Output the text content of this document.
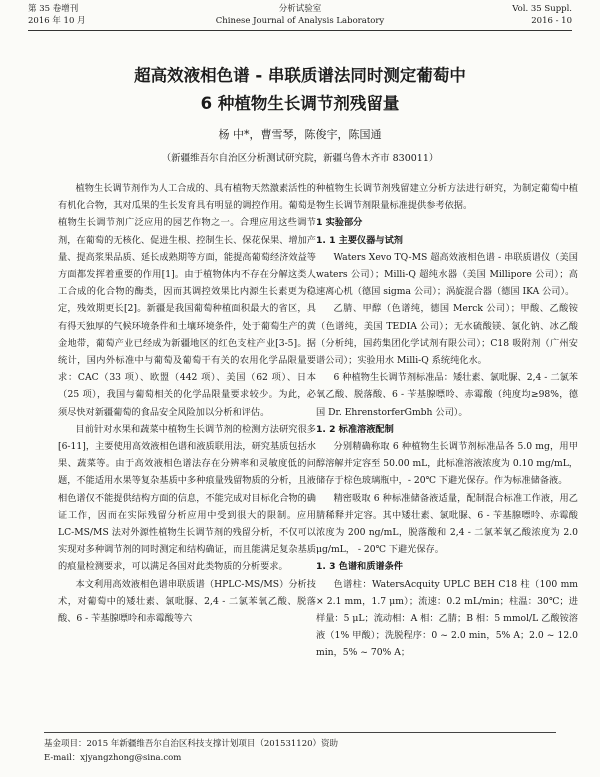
第 35 卷增刊
2016 年 10 月
分析试验室
Chinese Journal of Analysis Laboratory
Vol. 35 Suppl.
2016 - 10
超高效液相色谱 - 串联质谱法同时测定葡萄中
6 种植物生长调节剂残留量
杨 中*，曹雪琴，陈俊宇，陈国通
（新疆维吾尔自治区分析测试研究院，新疆乌鲁木齐市 830011）

植物生长调节剂作为人工合成的、具有植物天然激素活性的有机化合物，其对瓜果的生长发育具有明显的调控作用。葡萄是植物生长调节剂广泛应用的园艺作物之一。合理应用这些调节剂，在葡萄的无核化、促进生根、控制生长、保花保果、增加产量、提高浆果品质、延长成熟期等方面，能提高葡萄经济效益等方面都发挥着重要的作用[1]。由于植物体内不存在分解这类人工合成的化合物的酶类，因而其调控效果比内源生长素更为稳定，残效期更长[2]。新疆是我国葡萄种植面积最大的省区，具有得天独厚的气候环境条件和土壤环境条件，处于葡萄生产的黄金地带，葡萄产业已经成为新疆地区的红色支柱产业[3-5]。据统计，国内外标准中与葡萄及葡萄干有关的农用化学品限量要求：CAC（33 项）、欧盟（442 项）、美国（62 项）、日本（25 项），我国与葡萄相关的化学品限量要求较少。为此，必须尽快对新疆葡萄的食品安全风险加以分析和评估。

目前针对水果和蔬菜中植物生长调节剂的检测方法研究很多[6-11]，主要使用高效液相色谱和液质联用法，研究基质包括水果、蔬菜等。由于高效液相色谱法存在分辨率和灵敏度低的问题，不能适用水果等复杂基质中多种痕量残留物质的分析，且液相色谱仅不能提供结构方面的信息，不能完成对目标化合物的确证工作，因而在实际残留分析应用中受到很大的限制。应用 LC-MS/MS 法对外源性植物生长调节剂的残留分析，不仅可以实现对多种调节剂的同时测定和结构确证，而且能满足复杂基质的痕量检测要求，可以满足各国对此类物质的分析要求。

本文利用高效液相色谱串联质谱（HPLC-MS/MS）分析技术，对葡萄中的矮壮素、氯吡脲、2,4 - 二氯苯氧乙酸、脱落酸、6 - 苄基腺嘌呤和赤霉酸等六

种植物生长调节剂残留建立分析方法进行研究，为制定葡萄中植物生长调节剂限量标准提供参考依据。

1 实验部分
1. 1 主要仪器与试剂

Waters Xevo TQ-MS 超高效液相色谱 - 串联质谱仪（美国 waters 公司）；Milli-Q 超纯水器（美国 Millipore 公司）；高速离心机（德国 sigma 公司）；涡旋混合器（德国 IKA 公司）。

乙腈、甲醇（色谱纯，德国 Merck 公司）；甲酸、乙酸铵（色谱纯，美国 TEDIA 公司）；无水硫酸镁、氯化钠、冰乙酸（分析纯，国药集团化学试剂有限公司）；C18 吸附剂（广州安谱公司）；实验用水 Milli-Q 系统纯化水。

6 种植物生长调节剂标准品：矮壮素、氯吡脲、2,4 - 二氯苯氧乙酸、脱落酸、6 - 苄基腺嘌呤、赤霉酸（纯度均≥98%，德国 Dr. EhrenstorferGmbh 公司）。

1. 2 标准溶液配制

分别精确称取 6 种植物生长调节剂标准品各 5.0 mg，用甲醇溶解并定容至 50.00 mL，此标准溶液浓度为 0.10 mg/mL，储存于棕色玻璃瓶中，- 20℃ 下避光保存。作为标准储备液。

精密吸取 6 种标准储备液适量，配制混合标准工作液，用乙腈稀释并定容。其中矮壮素、氯吡脲、6 - 苄基腺嘌呤、赤霉酸浓度为 200 ng/mL，脱落酸和 2,4 - 二氯苯氧乙酸浓度为 2.0 μg/mL， - 20℃ 下避光保存。

1. 3 色谱和质谱条件

色谱柱：WatersAcquity UPLC BEH C18 柱（100 mm × 2.1 mm，1.7 μm）；流速：0.2 mL/min；柱温：30℃；进样量：5 μL；流动相：A 相：乙腈；B 相：5 mmol/L 乙酸铵溶液（1% 甲酸）；洗脱程序：0 ~ 2.0 min，5% A；2.0 ~ 12.0 min，5% ~ 70% A；

基金项目：2015 年新疆维吾尔自治区科技支撑计划项目（201531120）资助
E-mail：xjyangzhong@sina.com
